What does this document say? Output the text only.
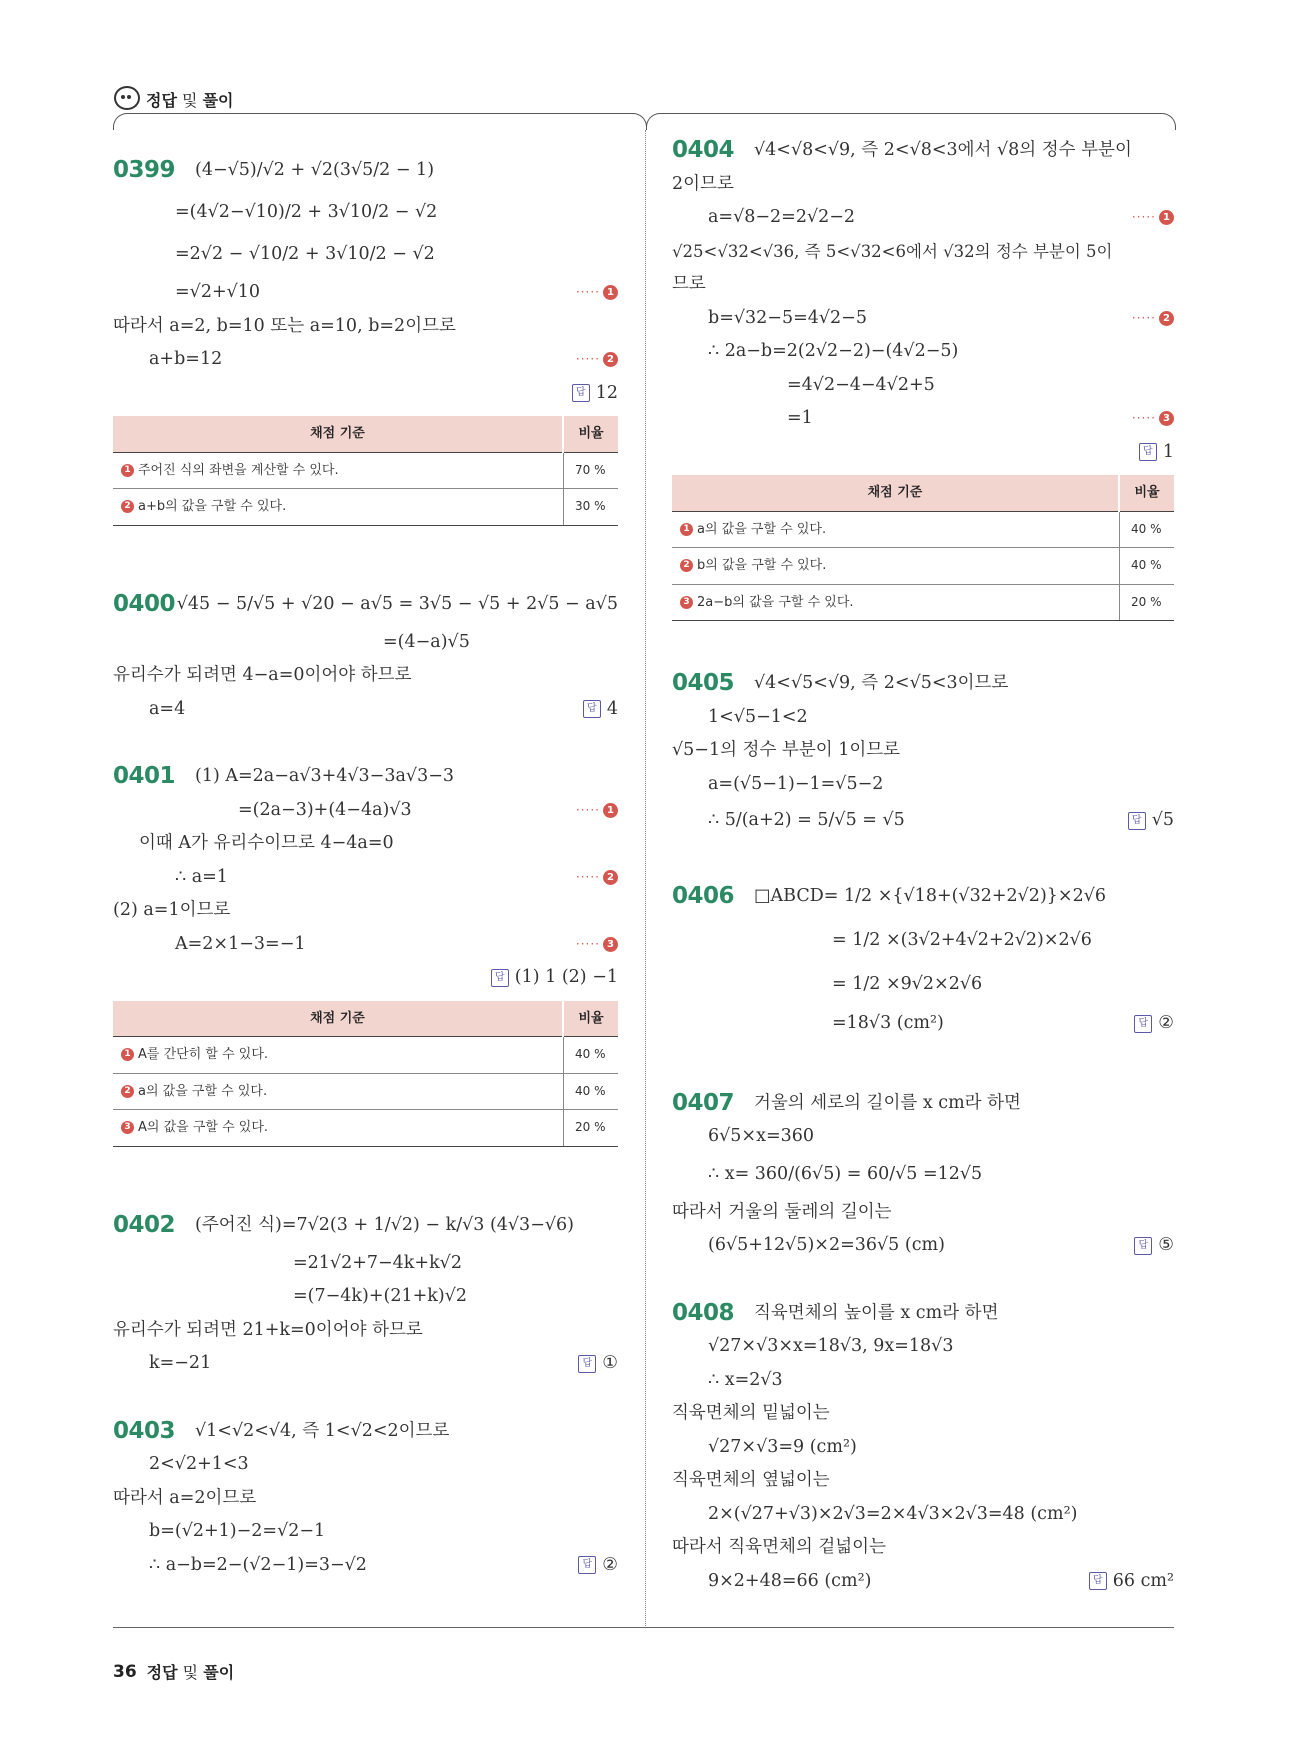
정답 및 풀이
0399	(4−√5)/√2 + √2(3√5/2 − 1)
=(4√2−√10)/2 + 3√10/2 − √2
=2√2 − √10/2 + 3√10/2 − √2
=√2+√10	····· 1
따라서 a=2, b=10 또는 a=10, b=2이므로
a+b=12	····· 2
답 12
채점 기준	비율
1 주어진 식의 좌변을 계산할 수 있다.	70 %
2 a+b의 값을 구할 수 있다.	30 %
0400 √45 − 5/√5 + √20 − a√5 = 3√5 − √5 + 2√5 − a√5
=(4−a)√5
유리수가 되려면 4−a=0이어야 하므로
a=4	답 4
0401	(1) A=2a−a√3+4√3−3a√3−3
=(2a−3)+(4−4a)√3	····· 1
이때 A가 유리수이므로 4−4a=0
∴ a=1	····· 2
(2) a=1이므로
A=2×1−3=−1	····· 3
답 (1) 1 (2) −1
채점 기준	비율
1 A를 간단히 할 수 있다.	40 %
2 a의 값을 구할 수 있다.	40 %
3 A의 값을 구할 수 있다.	20 %
0402	(주어진 식)=7√2(3 + 1/√2) − k/√3 (4√3−√6)
=21√2+7−4k+k√2
=(7−4k)+(21+k)√2
유리수가 되려면 21+k=0이어야 하므로
k=−21	답 ①
0403	√1<√2<√4, 즉 1<√2<2이므로
2<√2+1<3
따라서 a=2이므로
b=(√2+1)−2=√2−1
∴ a−b=2−(√2−1)=3−√2	답 ②
0404	√4<√8<√9, 즉 2<√8<3에서 √8의 정수 부분이
2이므로
a=√8−2=2√2−2	····· 1
√25<√32<√36, 즉 5<√32<6에서 √32의 정수 부분이 5이
므로
b=√32−5=4√2−5	····· 2
∴ 2a−b=2(2√2−2)−(4√2−5)
=4√2−4−4√2+5
=1	····· 3
답 1
채점 기준	비율
1 a의 값을 구할 수 있다.	40 %
2 b의 값을 구할 수 있다.	40 %
3 2a−b의 값을 구할 수 있다.	20 %
0405	√4<√5<√9, 즉 2<√5<3이므로
1<√5−1<2
√5−1의 정수 부분이 1이므로
a=(√5−1)−1=√5−2
∴ 5/(a+2) = 5/√5 = √5	답 √5
0406	□ABCD= 1/2 ×{√18+(√32+2√2)}×2√6
= 1/2 ×(3√2+4√2+2√2)×2√6
= 1/2 ×9√2×2√6
=18√3 (cm²)	답 ②
0407	거울의 세로의 길이를 x cm라 하면
6√5×x=360
∴ x= 360/(6√5) = 60/√5 =12√5
따라서 거울의 둘레의 길이는
(6√5+12√5)×2=36√5 (cm)	답 ⑤
0408	직육면체의 높이를 x cm라 하면
√27×√3×x=18√3, 9x=18√3
∴ x=2√3
직육면체의 밑넓이는
√27×√3=9 (cm²)
직육면체의 옆넓이는
2×(√27+√3)×2√3=2×4√3×2√3=48 (cm²)
따라서 직육면체의 겉넓이는
9×2+48=66 (cm²)	답 66 cm²
36 정답 및 풀이
